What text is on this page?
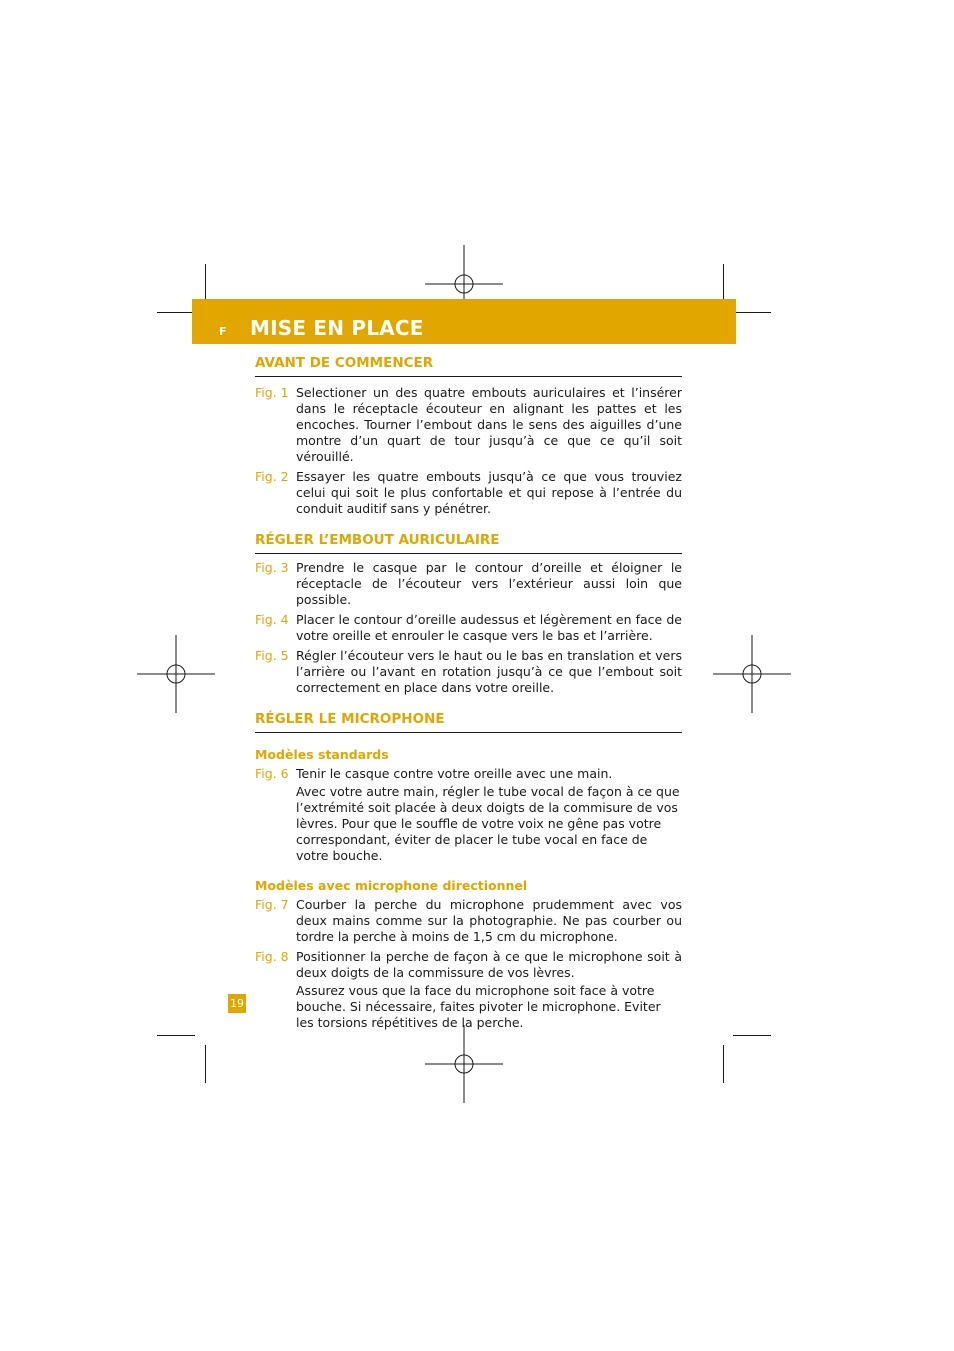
F MISE EN PLACE
AVANT DE COMMENCER
Fig. 1 Selectioner un des quatre embouts auriculaires et l’insérer dans le réceptacle écouteur en alignant les pattes et les encoches. Tourner l’embout dans le sens des aiguilles d’une montre d’un quart de tour jusqu’à ce que ce qu’il soit vérouillé.
Fig. 2 Essayer les quatre embouts jusqu’à ce que vous trouviez celui qui soit le plus confortable et qui repose à l’entrée du conduit auditif sans y pénétrer.
RÉGLER L’EMBOUT AURICULAIRE
Fig. 3 Prendre le casque par le contour d’oreille et éloigner le réceptacle de l’écouteur vers l’extérieur aussi loin que possible.
Fig. 4 Placer le contour d’oreille audessus et légèrement en face de votre oreille et enrouler le casque vers le bas et l’arrière.
Fig. 5 Régler l’écouteur vers le haut ou le bas en translation et vers l’arrière ou l’avant en rotation jusqu’à ce que l’embout soit correctement en place dans votre oreille.
RÉGLER LE MICROPHONE
Modèles standards
Fig. 6 Tenir le casque contre votre oreille avec une main.
Avec votre autre main, régler le tube vocal de façon à ce que l’extrémité soit placée à deux doigts de la commisure de vos lèvres. Pour que le souffle de votre voix ne gêne pas votre correspondant, éviter de placer le tube vocal en face de votre bouche.
Modèles avec microphone directionnel
Fig. 7 Courber la perche du microphone prudemment avec vos deux mains comme sur la photographie. Ne pas courber ou tordre la perche à moins de 1,5 cm du microphone.
Fig. 8 Positionner la perche de façon à ce que le microphone soit à deux doigts de la commissure de vos lèvres.
Assurez vous que la face du microphone soit face à votre bouche. Si nécessaire, faites pivoter le microphone. Eviter les torsions répétitives de la perche.
19
